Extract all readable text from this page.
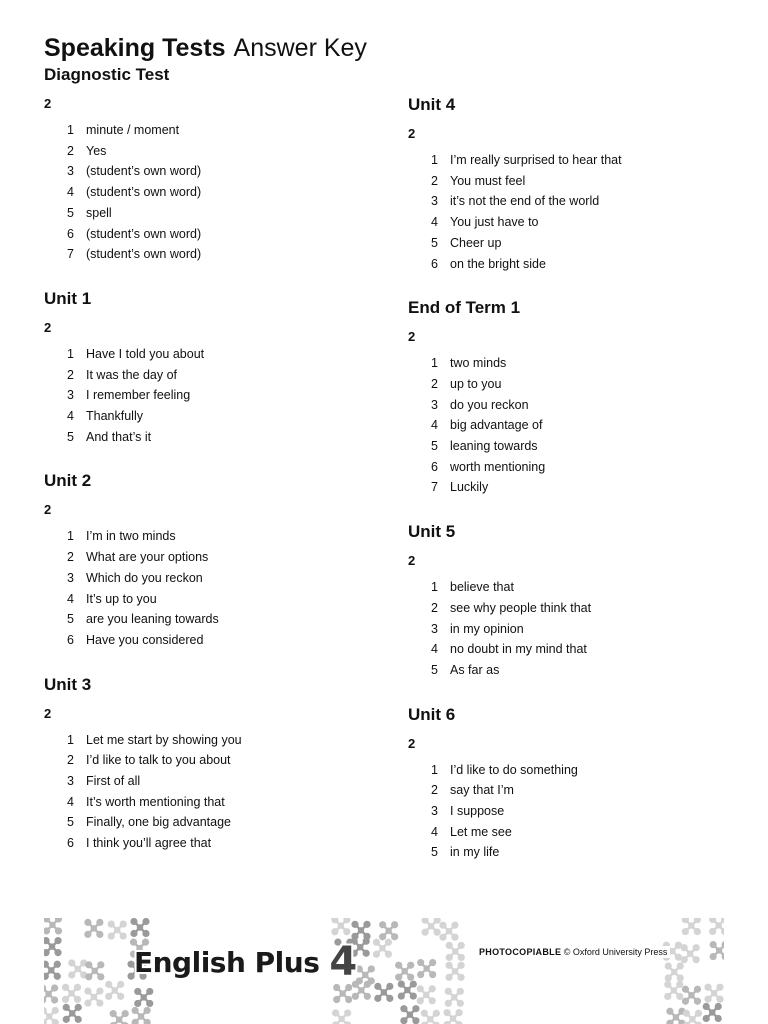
Speaking Tests Answer Key
Diagnostic Test
2
1 minute / moment
2 Yes
3 (student’s own word)
4 (student’s own word)
5 spell
6 (student’s own word)
7 (student’s own word)
Unit 1
2
1 Have I told you about
2 It was the day of
3 I remember feeling
4 Thankfully
5 And that’s it
Unit 2
2
1 I’m in two minds
2 What are your options
3 Which do you reckon
4 It’s up to you
5 are you leaning towards
6 Have you considered
Unit 3
2
1 Let me start by showing you
2 I’d like to talk to you about
3 First of all
4 It’s worth mentioning that
5 Finally, one big advantage
6 I think you’ll agree that
Unit 4
2
1 I’m really surprised to hear that
2 You must feel
3 it’s not the end of the world
4 You just have to
5 Cheer up
6 on the bright side
End of Term 1
2
1 two minds
2 up to you
3 do you reckon
4 big advantage of
5 leaning towards
6 worth mentioning
7 Luckily
Unit 5
2
1 believe that
2 see why people think that
3 in my opinion
4 no doubt in my mind that
5 As far as
Unit 6
2
1 I’d like to do something
2 say that I’m
3 I suppose
4 Let me see
5 in my life
English Plus 4	PHOTOCOPIABLE © Oxford University Press
